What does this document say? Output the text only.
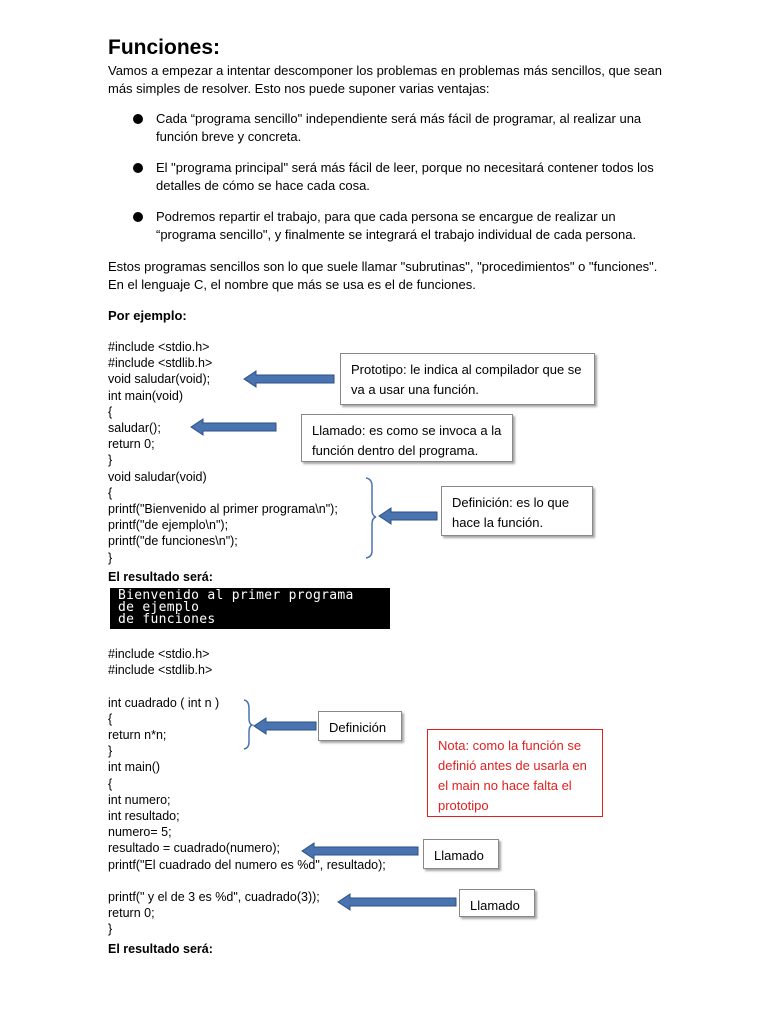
Funciones:
Vamos a empezar a intentar descomponer los problemas en problemas más sencillos, que sean más simples de resolver. Esto nos puede suponer varias ventajas:
Cada “programa sencillo" independiente será más fácil de programar, al realizar una función breve y concreta.
El "programa principal" será más fácil de leer, porque no necesitará contener todos los detalles de cómo se hace cada cosa.
Podremos repartir el trabajo, para que cada persona se encargue de realizar un “programa sencillo", y finalmente se integrará el trabajo individual de cada persona.
Estos programas sencillos son lo que suele llamar "subrutinas", "procedimientos" o "funciones". En el lenguaje C, el nombre que más se usa es el de funciones.
Por ejemplo:
#include <stdio.h>
#include <stdlib.h>
void saludar(void);
int main(void)
{
saludar();
return 0;
}
void saludar(void)
{
printf("Bienvenido al primer programa\n");
printf("de ejemplo\n");
printf("de funciones\n");
}
El resultado será:
Bienvenido al primer programa
de ejemplo
de funciones
#include <stdio.h>
#include <stdlib.h>

int cuadrado ( int n )
{
return n*n;
}
int main()
{
int numero;
int resultado;
numero= 5;
resultado = cuadrado(numero);
printf("El cuadrado del numero es %d", resultado);

printf(" y el de 3 es %d", cuadrado(3));
return 0;
}
El resultado será:
Prototipo: le indica al compilador que se va a usar una función.
Llamado: es como se invoca a la función dentro del programa.
Definición: es lo que hace la función.
Definición
Nota: como la función se definió antes de usarla en el main no hace falta el prototipo
Llamado
Llamado
